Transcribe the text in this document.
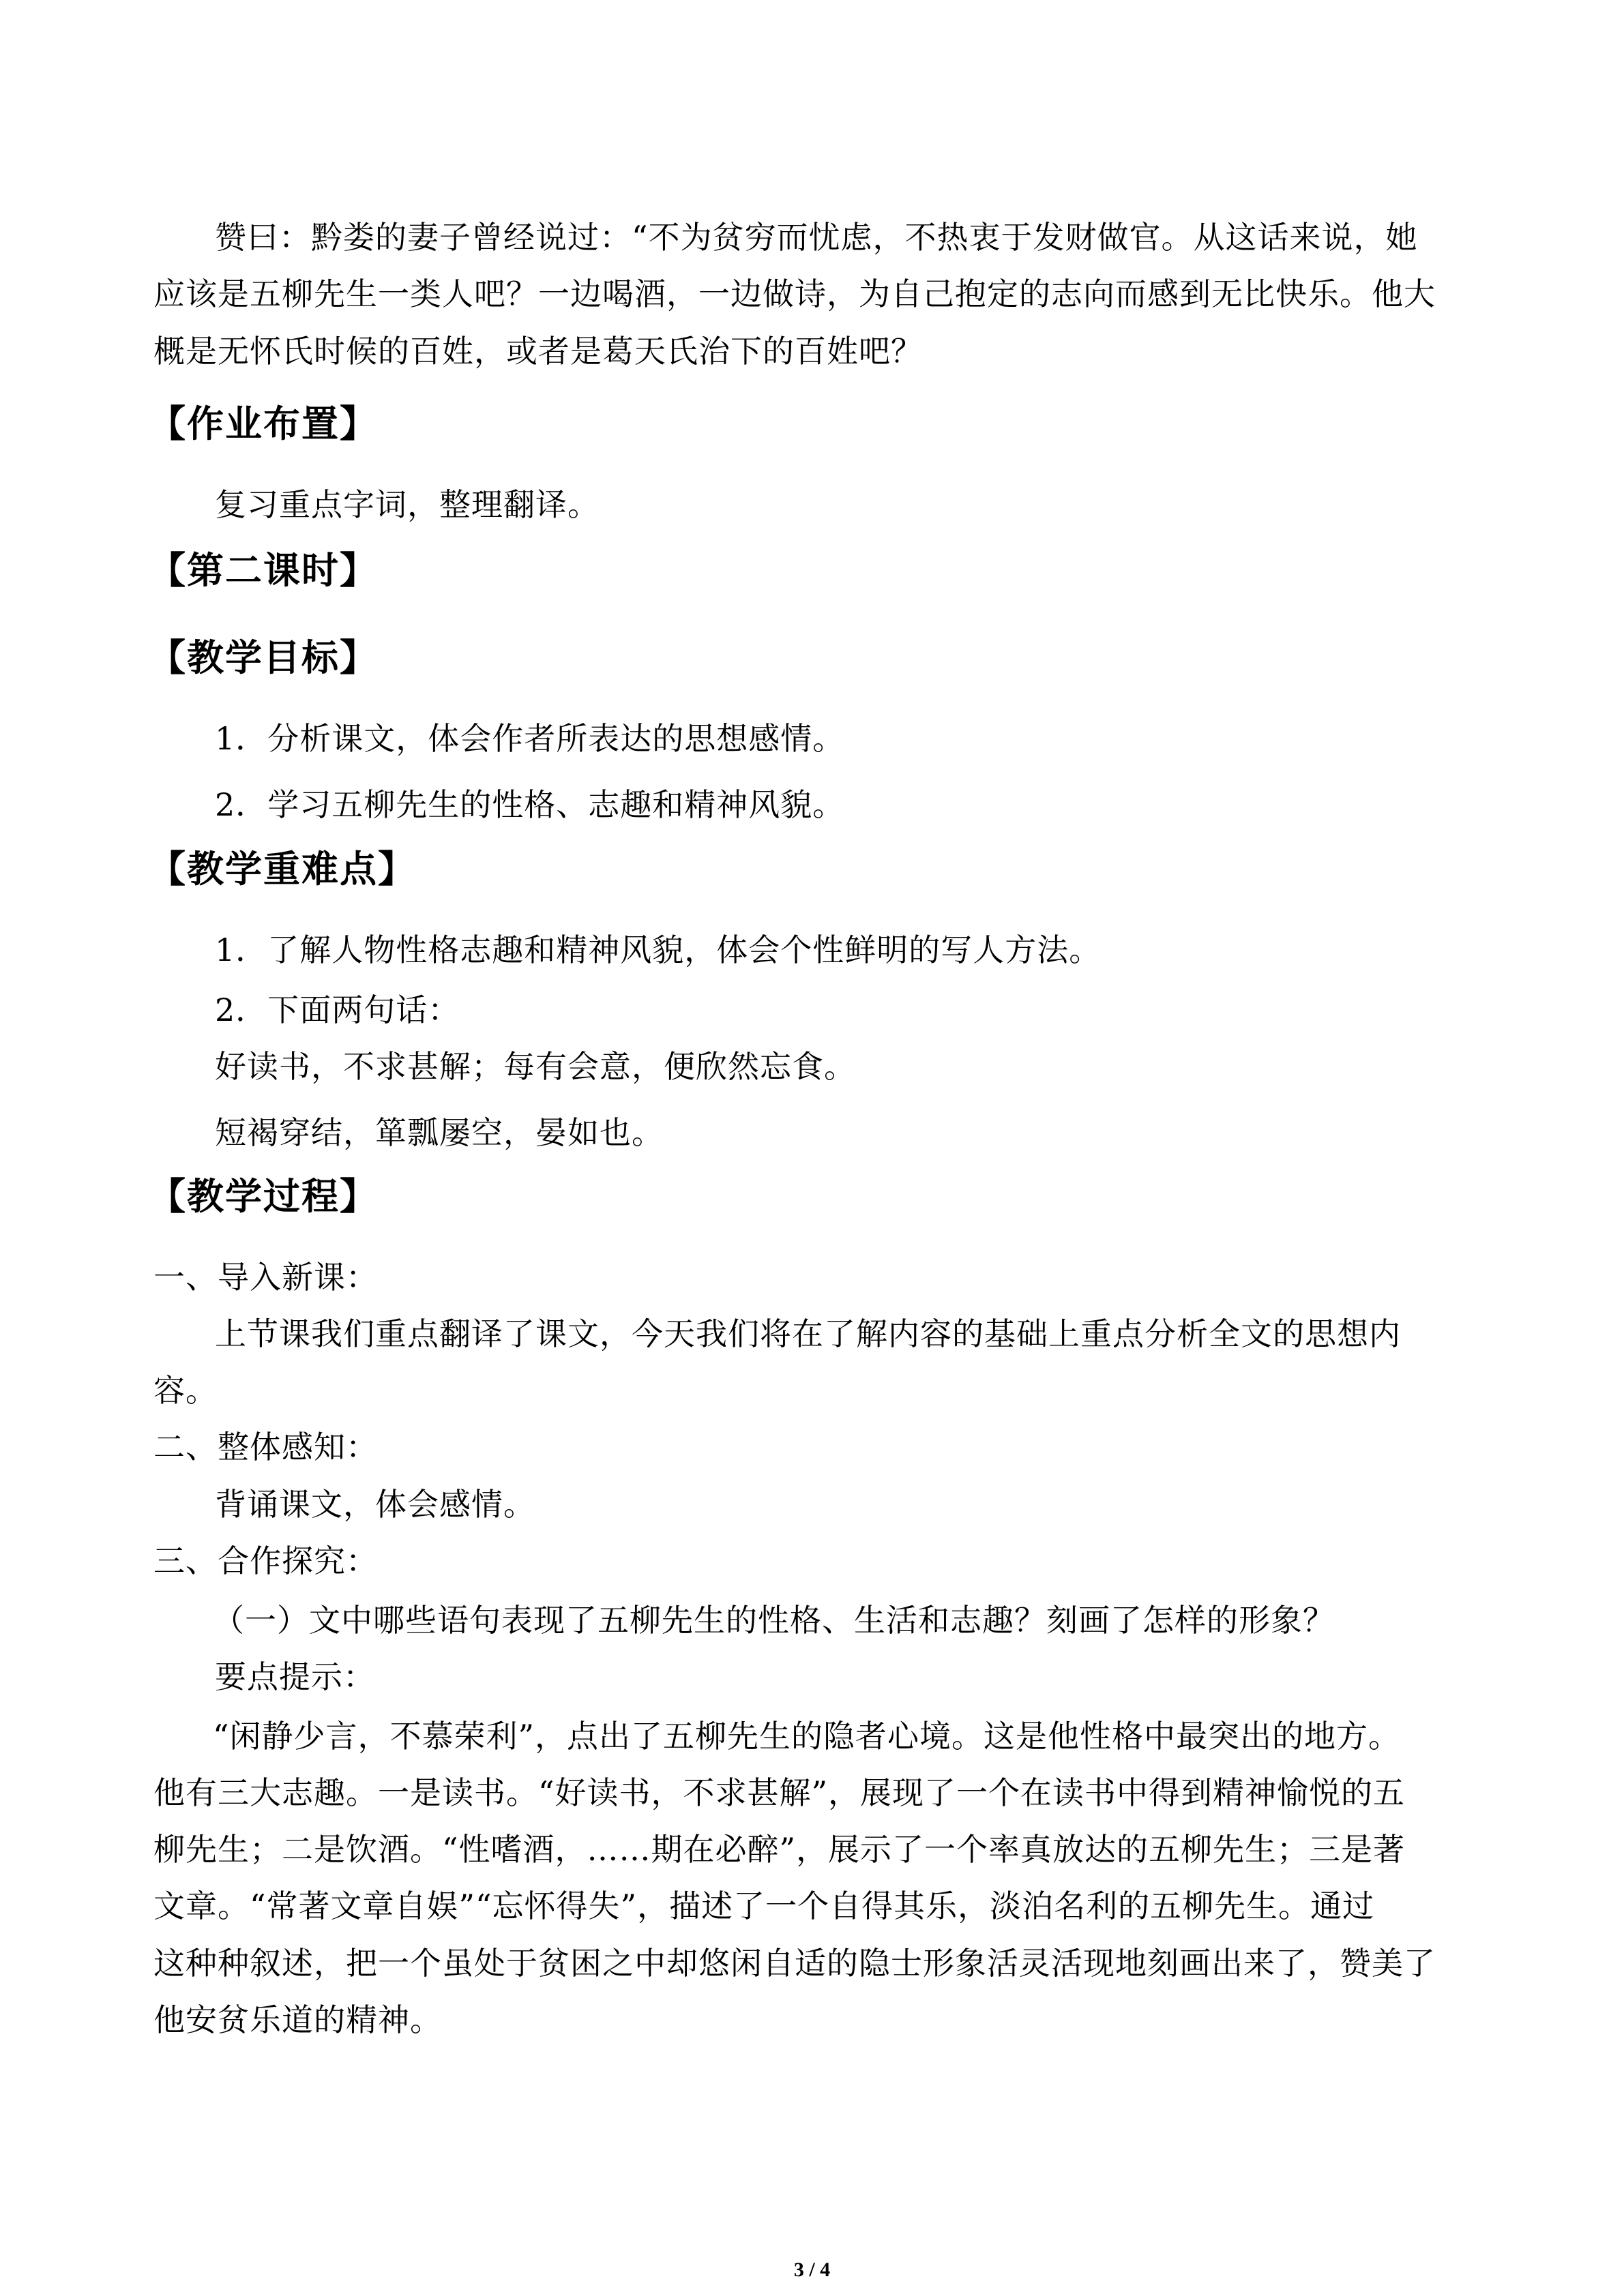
赞曰：黔娄的妻子曾经说过：“不为贫穷而忧虑，不热衷于发财做官。从这话来说，她
应该是五柳先生一类人吧？一边喝酒，一边做诗，为自己抱定的志向而感到无比快乐。他大
概是无怀氏时候的百姓，或者是葛天氏治下的百姓吧？
【作业布置】
复习重点字词，整理翻译。
【第二课时】
【教学目标】
1．分析课文，体会作者所表达的思想感情。
2．学习五柳先生的性格、志趣和精神风貌。
【教学重难点】
1．了解人物性格志趣和精神风貌，体会个性鲜明的写人方法。
2．下面两句话：
好读书，不求甚解；每有会意，便欣然忘食。
短褐穿结，箪瓢屡空，晏如也。
【教学过程】
一、导入新课：
上节课我们重点翻译了课文，今天我们将在了解内容的基础上重点分析全文的思想内
容。
二、整体感知：
背诵课文，体会感情。
三、合作探究：
（一）文中哪些语句表现了五柳先生的性格、生活和志趣？刻画了怎样的形象？
要点提示：
“闲静少言，不慕荣利”，点出了五柳先生的隐者心境。这是他性格中最突出的地方。
他有三大志趣。一是读书。“好读书，不求甚解”，展现了一个在读书中得到精神愉悦的五
柳先生；二是饮酒。“性嗜酒，……期在必醉”，展示了一个率真放达的五柳先生；三是著
文章。“常著文章自娱”“忘怀得失”，描述了一个自得其乐，淡泊名利的五柳先生。通过
这种种叙述，把一个虽处于贫困之中却悠闲自适的隐士形象活灵活现地刻画出来了，赞美了
他安贫乐道的精神。
3 / 4
